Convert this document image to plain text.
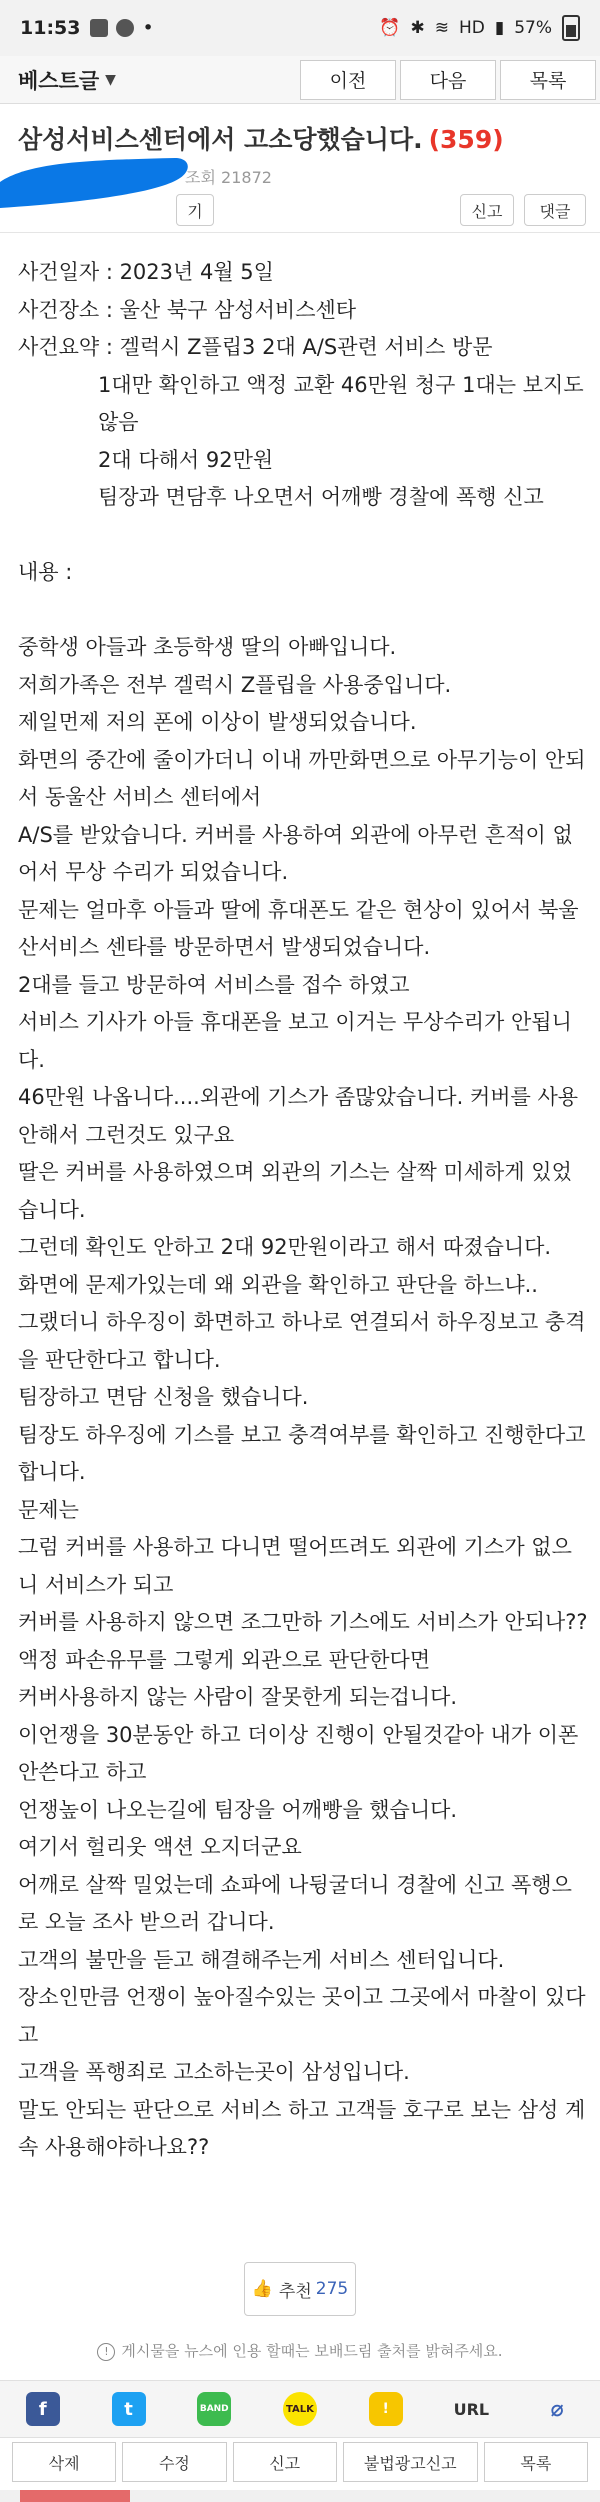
11:53	•	⏰ ✱ ≋ HD ▮ 57%
베스트글 ▼	이전	다음	목록
삼성서비스센터에서 고소당했습니다. (359)
조회 21872
기	신고 댓글

사건일자 : 2023년 4월 5일

사건장소 : 울산 북구 삼성서비스센타

사건요약 : 겔럭시 Z플립3 2대 A/S관련 서비스 방문

1대만 확인하고 액정 교환 46만원 청구 1대는 보지도 않음

2대 다해서 92만원

팀장과 면담후 나오면서 어깨빵 경찰에 폭행 신고

내용 :

중학생 아들과 초등학생 딸의 아빠입니다.

저희가족은 전부 겔럭시 Z플립을 사용중입니다.

제일먼제 저의 폰에 이상이 발생되었습니다.

화면의 중간에 줄이가더니 이내 까만화면으로 아무기능이 안되서 동울산 서비스 센터에서

A/S를 받았습니다. 커버를 사용하여 외관에 아무런 흔적이 없어서 무상 수리가 되었습니다.

문제는 얼마후 아들과 딸에 휴대폰도 같은 현상이 있어서 북울산서비스 센타를 방문하면서 발생되었습니다.

2대를 들고 방문하여 서비스를 접수 하였고

서비스 기사가 아들 휴대폰을 보고 이거는 무상수리가 안됩니다.

46만원 나옵니다....외관에 기스가 좀많았습니다. 커버를 사용 안해서 그런것도 있구요

딸은 커버를 사용하였으며 외관의 기스는 살짝 미세하게 있었습니다.

그런데 확인도 안하고 2대 92만원이라고 해서 따졌습니다.

화면에 문제가있는데 왜 외관을 확인하고 판단을 하느냐..

그랬더니 하우징이 화면하고 하나로 연결되서 하우징보고 충격을 판단한다고 합니다.

팀장하고 면담 신청을 했습니다.

팀장도 하우징에 기스를 보고 충격여부를 확인하고 진행한다고 합니다.

문제는

그럼 커버를 사용하고 다니면 떨어뜨려도 외관에 기스가 없으니 서비스가 되고

커버를 사용하지 않으면 조그만하 기스에도 서비스가 안되나??

액정 파손유무를 그렇게 외관으로 판단한다면

커버사용하지 않는 사람이 잘못한게 되는겁니다.

이언쟁을 30분동안 하고 더이상 진행이 안될것같아 내가 이폰 안쓴다고 하고

언쟁높이 나오는길에 팀장을 어깨빵을 했습니다.

여기서 헐리웃 액션 오지더군요

어깨로 살짝 밀었는데 쇼파에 나뒹굴더니 경찰에 신고 폭행으로 오늘 조사 받으러 갑니다.

고객의 불만을 듣고 해결해주는게 서비스 센터입니다.

장소인만큼 언쟁이 높아질수있는 곳이고 그곳에서 마찰이 있다고

고객을 폭행죄로 고소하는곳이 삼성입니다.

말도 안되는 판단으로 서비스 하고 고객들 호구로 보는 삼성 계속 사용해야하나요??

👍 추천 275
! 게시물을 뉴스에 인용 할때는 보배드림 출처를 밝혀주세요.
f	t	BAND	TALK	!	URL	⌀
삭제	수정	신고	불법광고신고	목록
